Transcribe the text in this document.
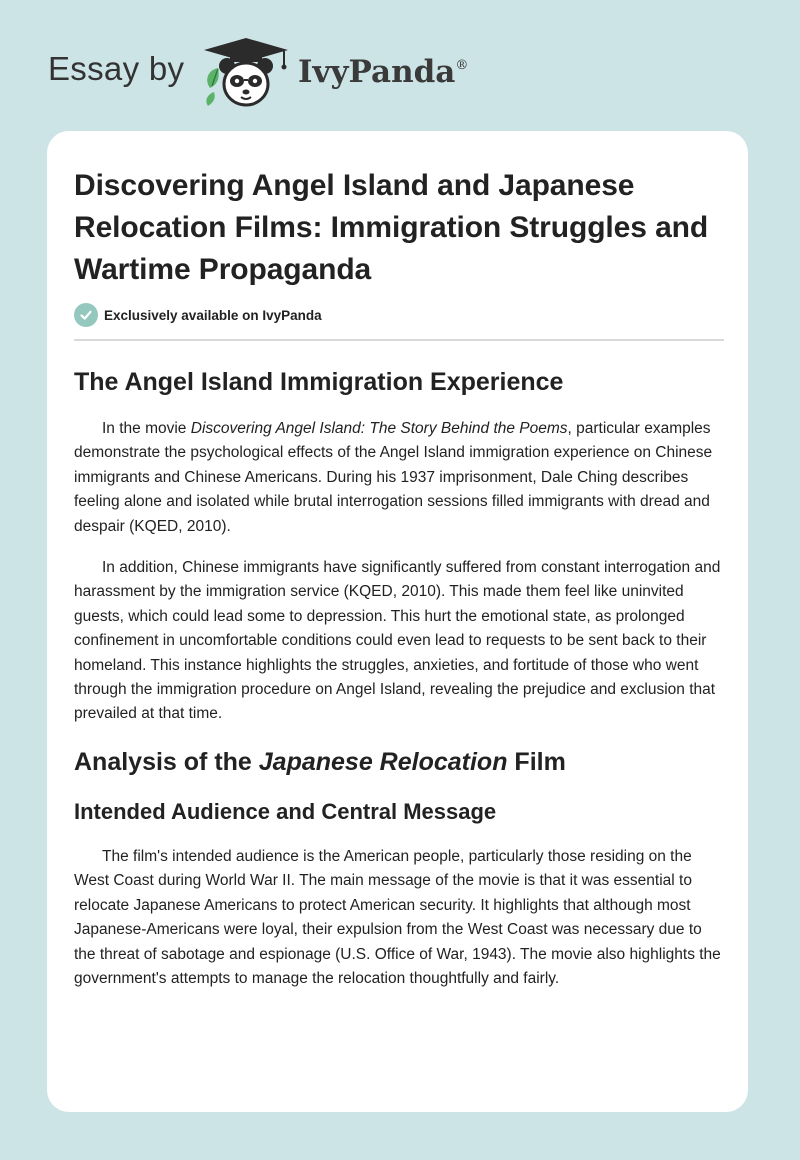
Essay by	IvyPanda®
Discovering Angel Island and Japanese Relocation Films: Immigration Struggles and Wartime Propaganda
Exclusively available on IvyPanda
The Angel Island Immigration Experience

In the movie Discovering Angel Island: The Story Behind the Poems, particular examples demonstrate the psychological effects of the Angel Island immigration experience on Chinese immigrants and Chinese Americans. During his 1937 imprisonment, Dale Ching describes feeling alone and isolated while brutal interrogation sessions filled immigrants with dread and despair (KQED, 2010).

In addition, Chinese immigrants have significantly suffered from constant interrogation and harassment by the immigration service (KQED, 2010). This made them feel like uninvited guests, which could lead some to depression. This hurt the emotional state, as prolonged confinement in uncomfortable conditions could even lead to requests to be sent back to their homeland. This instance highlights the struggles, anxieties, and fortitude of those who went through the immigration procedure on Angel Island, revealing the prejudice and exclusion that prevailed at that time.

Analysis of the Japanese Relocation Film
Intended Audience and Central Message

The film's intended audience is the American people, particularly those residing on the West Coast during World War II. The main message of the movie is that it was essential to relocate Japanese Americans to protect American security. It highlights that although most Japanese-Americans were loyal, their expulsion from the West Coast was necessary due to the threat of sabotage and espionage (U.S. Office of War, 1943). The movie also highlights the government's attempts to manage the relocation thoughtfully and fairly.
